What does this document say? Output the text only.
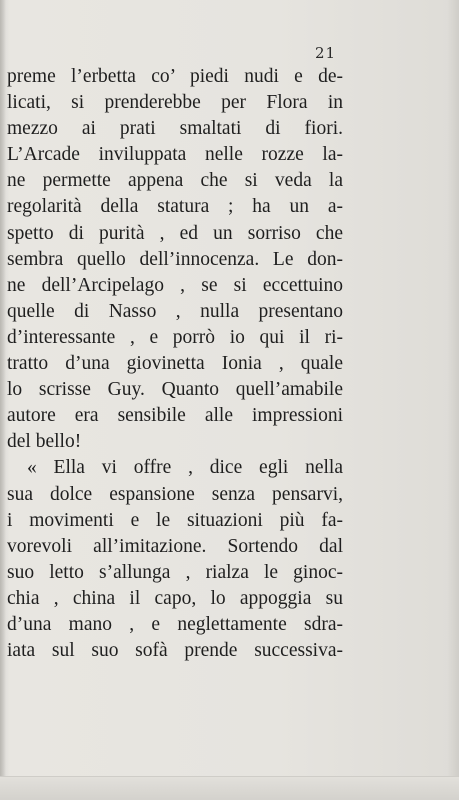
21
preme l’erbetta co’ piedi nudi e de-
licati, si prenderebbe per Flora in
mezzo ai prati smaltati di fiori.
L’Arcade inviluppata nelle rozze la-
ne permette appena che si veda la
regolarità della statura ; ha un a-
spetto di purità , ed un sorriso che
sembra quello dell’innocenza. Le don-
ne dell’Arcipelago , se si eccettuino
quelle di Nasso , nulla presentano
d’interessante , e porrò io qui il ri-
tratto d’una giovinetta Ionia , quale
lo scrisse Guy. Quanto quell’amabile
autore era sensibile alle impressioni
del bello!
« Ella vi offre , dice egli nella
sua dolce espansione senza pensarvi,
i movimenti e le situazioni più fa-
vorevoli all’imitazione. Sortendo dal
suo letto s’allunga , rialza le ginoc-
chia , china il capo, lo appoggia su
d’una mano , e neglettamente sdra-
iata sul suo sofà prende successiva-
